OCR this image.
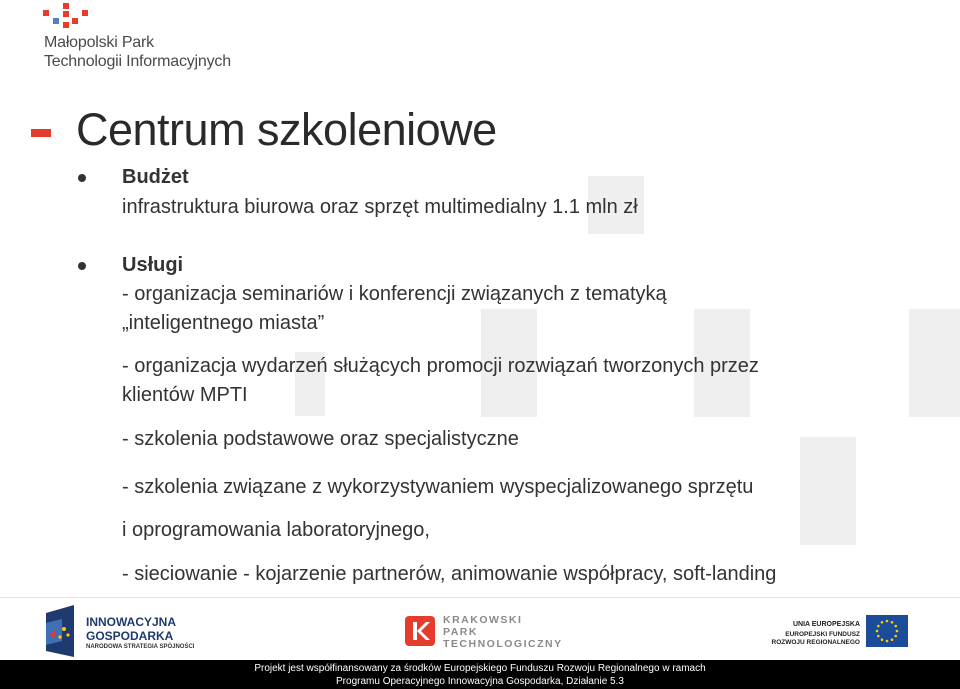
Małopolski Park
Technologii Informacyjnych
Centrum szkoleniowe
Budżet
infrastruktura biurowa oraz sprzęt multimedialny 1.1 mln zł
Usługi
- organizacja seminariów i konferencji związanych z tematyką
„inteligentnego miasta”
- organizacja wydarzeń służących promocji rozwiązań tworzonych przez
klientów MPTI
- szkolenia podstawowe oraz specjalistyczne
- szkolenia związane z wykorzystywaniem wyspecjalizowanego sprzętu
i oprogramowania laboratoryjnego,
- sieciowanie - kojarzenie partnerów, animowanie współpracy, soft-landing
INNOWACYJNA
GOSPODARKA
NARODOWA STRATEGIA SPÓJNOŚCI
KRAKOWSKI
PARK
TECHNOLOGICZNY
UNIA EUROPEJSKA
EUROPEJSKI FUNDUSZ
ROZWOJU REGIONALNEGO
Projekt jest współfinansowany za środków Europejskiego Funduszu Rozwoju Regionalnego w ramach
Programu Operacyjnego Innowacyjna Gospodarka, Działanie 5.3
